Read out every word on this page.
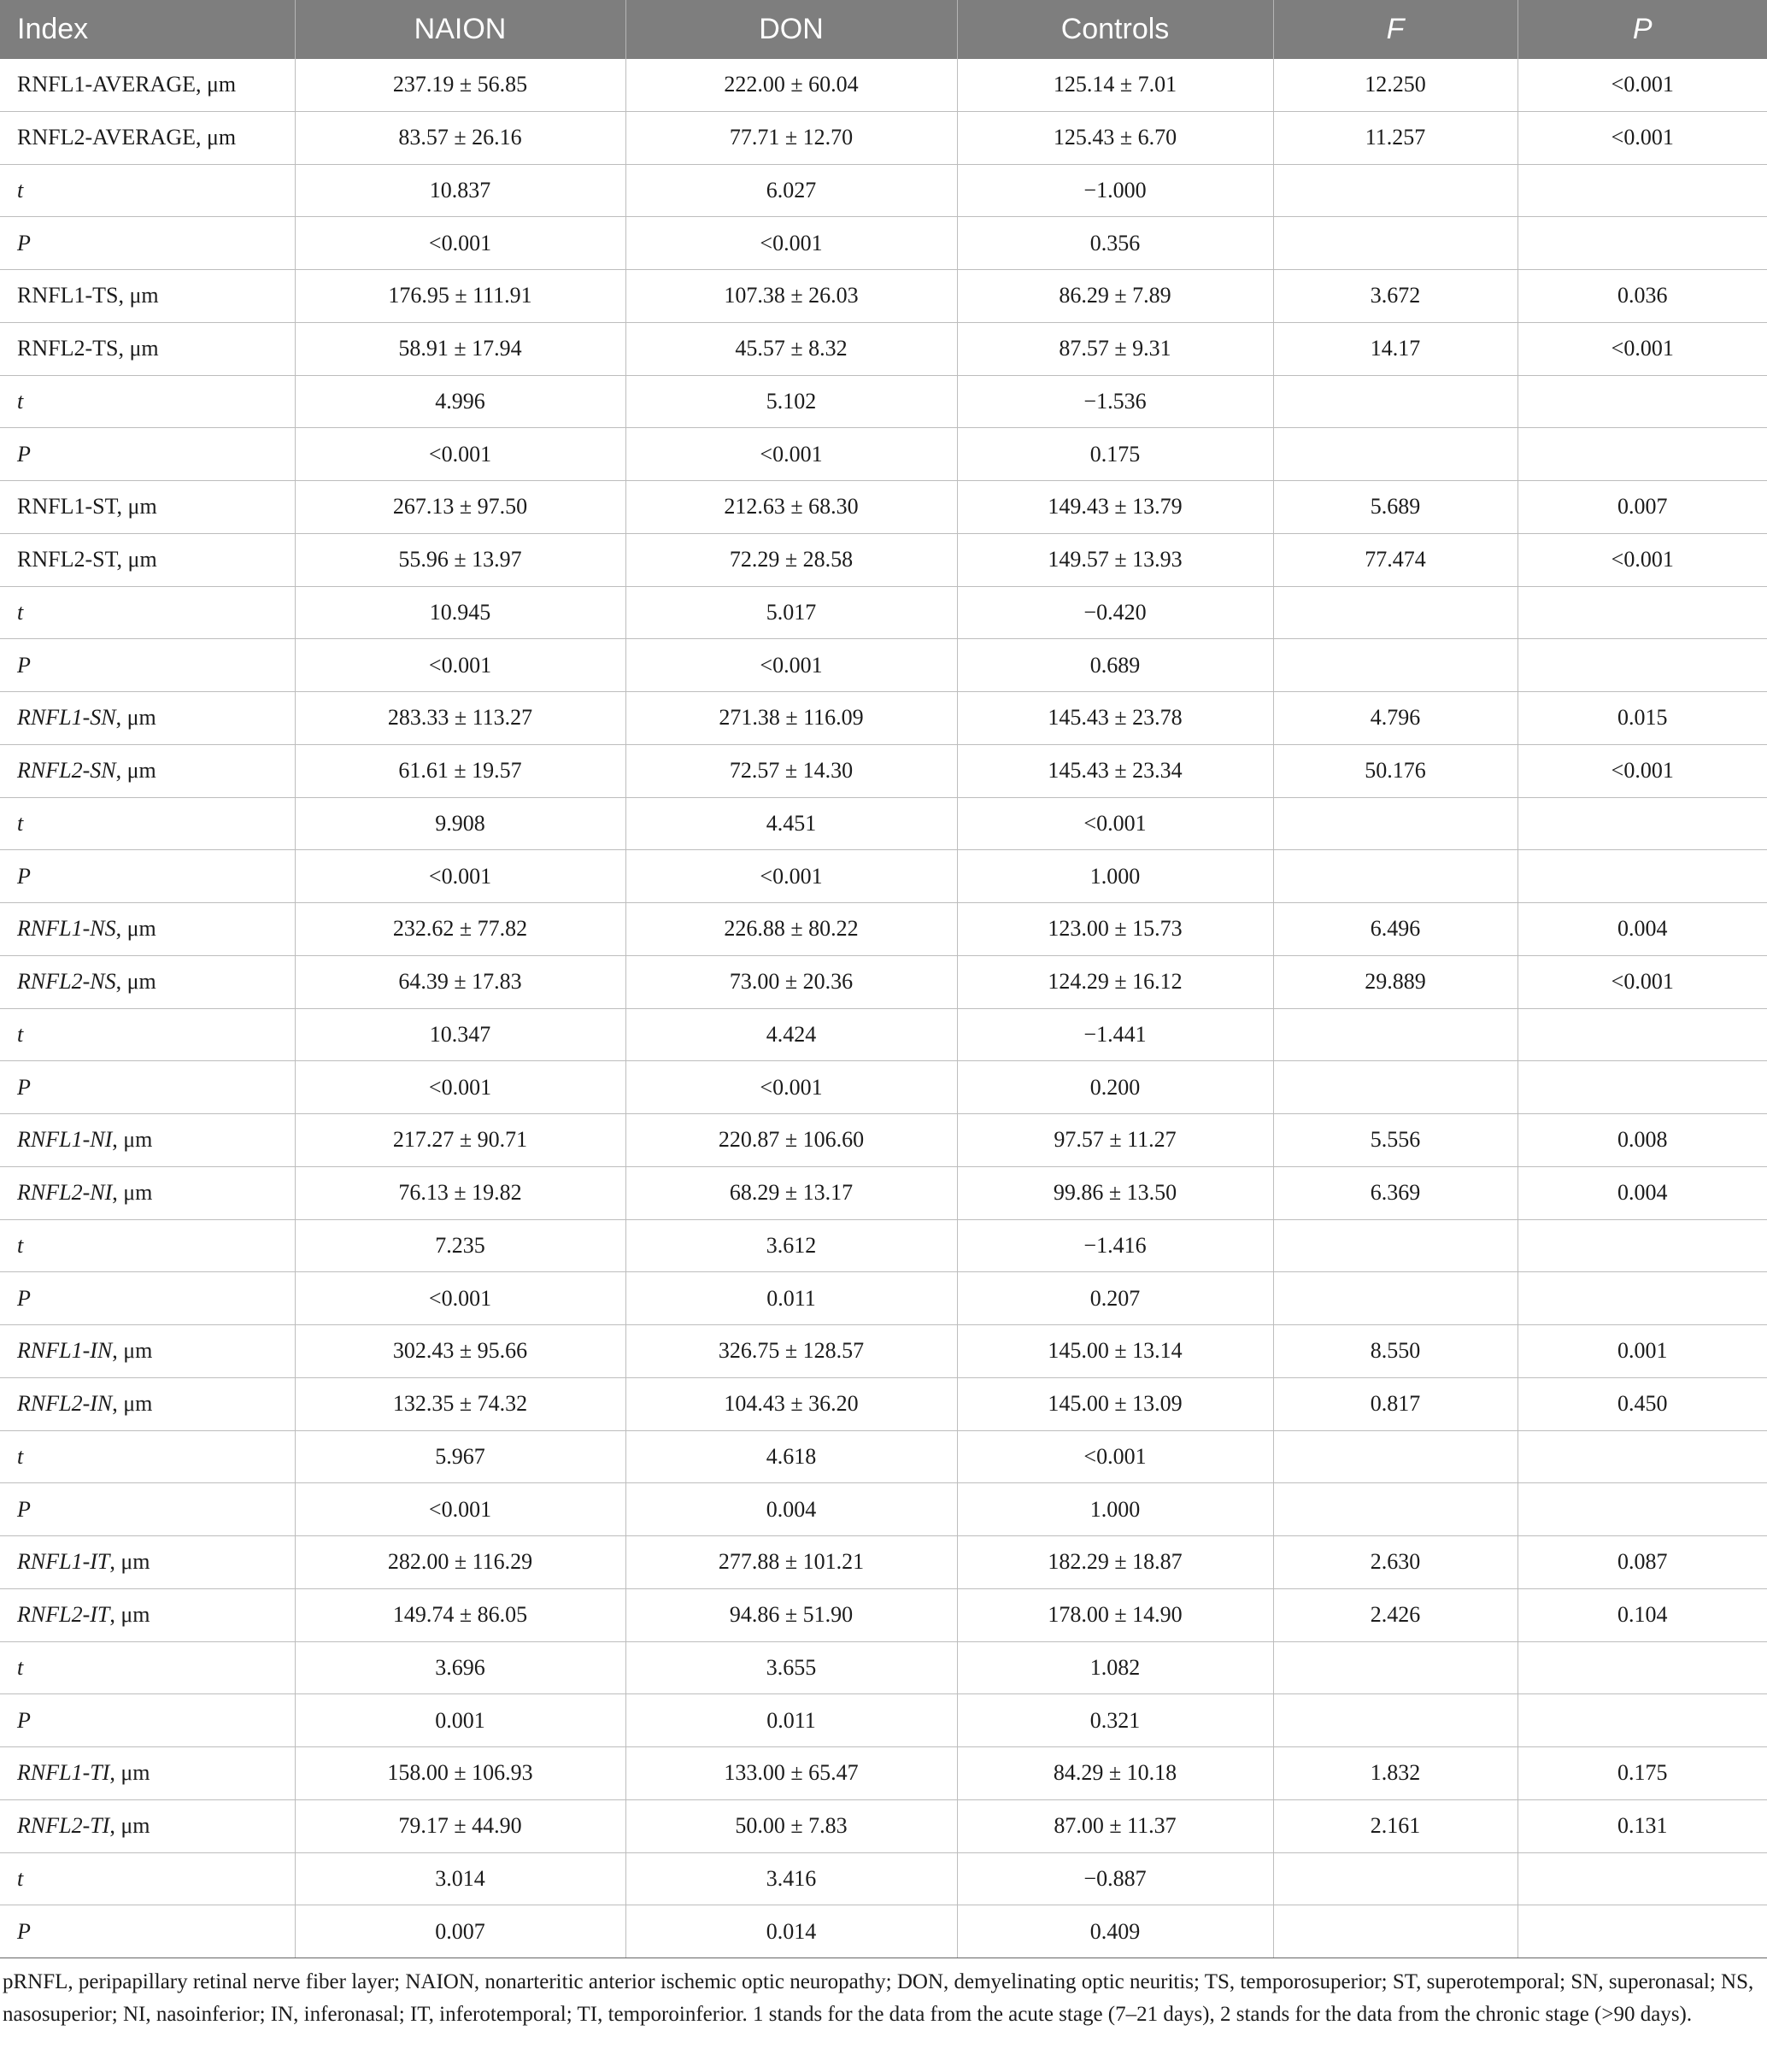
Index	NAION	DON	Controls	F	P
RNFL1-AVERAGE, μm	237.19 ± 56.85	222.00 ± 60.04	125.14 ± 7.01	12.250	<0.001
RNFL2-AVERAGE, μm	83.57 ± 26.16	77.71 ± 12.70	125.43 ± 6.70	11.257	<0.001
t	10.837	6.027	−1.000		
P	<0.001	<0.001	0.356		
RNFL1-TS, μm	176.95 ± 111.91	107.38 ± 26.03	86.29 ± 7.89	3.672	0.036
RNFL2-TS, μm	58.91 ± 17.94	45.57 ± 8.32	87.57 ± 9.31	14.17	<0.001
t	4.996	5.102	−1.536		
P	<0.001	<0.001	0.175		
RNFL1-ST, μm	267.13 ± 97.50	212.63 ± 68.30	149.43 ± 13.79	5.689	0.007
RNFL2-ST, μm	55.96 ± 13.97	72.29 ± 28.58	149.57 ± 13.93	77.474	<0.001
t	10.945	5.017	−0.420		
P	<0.001	<0.001	0.689		
RNFL1-SN, μm	283.33 ± 113.27	271.38 ± 116.09	145.43 ± 23.78	4.796	0.015
RNFL2-SN, μm	61.61 ± 19.57	72.57 ± 14.30	145.43 ± 23.34	50.176	<0.001
t	9.908	4.451	<0.001		
P	<0.001	<0.001	1.000		
RNFL1-NS, μm	232.62 ± 77.82	226.88 ± 80.22	123.00 ± 15.73	6.496	0.004
RNFL2-NS, μm	64.39 ± 17.83	73.00 ± 20.36	124.29 ± 16.12	29.889	<0.001
t	10.347	4.424	−1.441		
P	<0.001	<0.001	0.200		
RNFL1-NI, μm	217.27 ± 90.71	220.87 ± 106.60	97.57 ± 11.27	5.556	0.008
RNFL2-NI, μm	76.13 ± 19.82	68.29 ± 13.17	99.86 ± 13.50	6.369	0.004
t	7.235	3.612	−1.416		
P	<0.001	0.011	0.207		
RNFL1-IN, μm	302.43 ± 95.66	326.75 ± 128.57	145.00 ± 13.14	8.550	0.001
RNFL2-IN, μm	132.35 ± 74.32	104.43 ± 36.20	145.00 ± 13.09	0.817	0.450
t	5.967	4.618	<0.001		
P	<0.001	0.004	1.000		
RNFL1-IT, μm	282.00 ± 116.29	277.88 ± 101.21	182.29 ± 18.87	2.630	0.087
RNFL2-IT, μm	149.74 ± 86.05	94.86 ± 51.90	178.00 ± 14.90	2.426	0.104
t	3.696	3.655	1.082		
P	0.001	0.011	0.321		
RNFL1-TI, μm	158.00 ± 106.93	133.00 ± 65.47	84.29 ± 10.18	1.832	0.175
RNFL2-TI, μm	79.17 ± 44.90	50.00 ± 7.83	87.00 ± 11.37	2.161	0.131
t	3.014	3.416	−0.887		
P	0.007	0.014	0.409		

pRNFL, peripapillary retinal nerve fiber layer; NAION, nonarteritic anterior ischemic optic neuropathy; DON, demyelinating optic neuritis; TS, temporosuperior; ST, superotemporal; SN, superonasal; NS, nasosuperior; NI, nasoinferior; IN, inferonasal; IT, inferotemporal; TI, temporoinferior. 1 stands for the data from the acute stage (7–21 days), 2 stands for the data from the chronic stage (>90 days).
